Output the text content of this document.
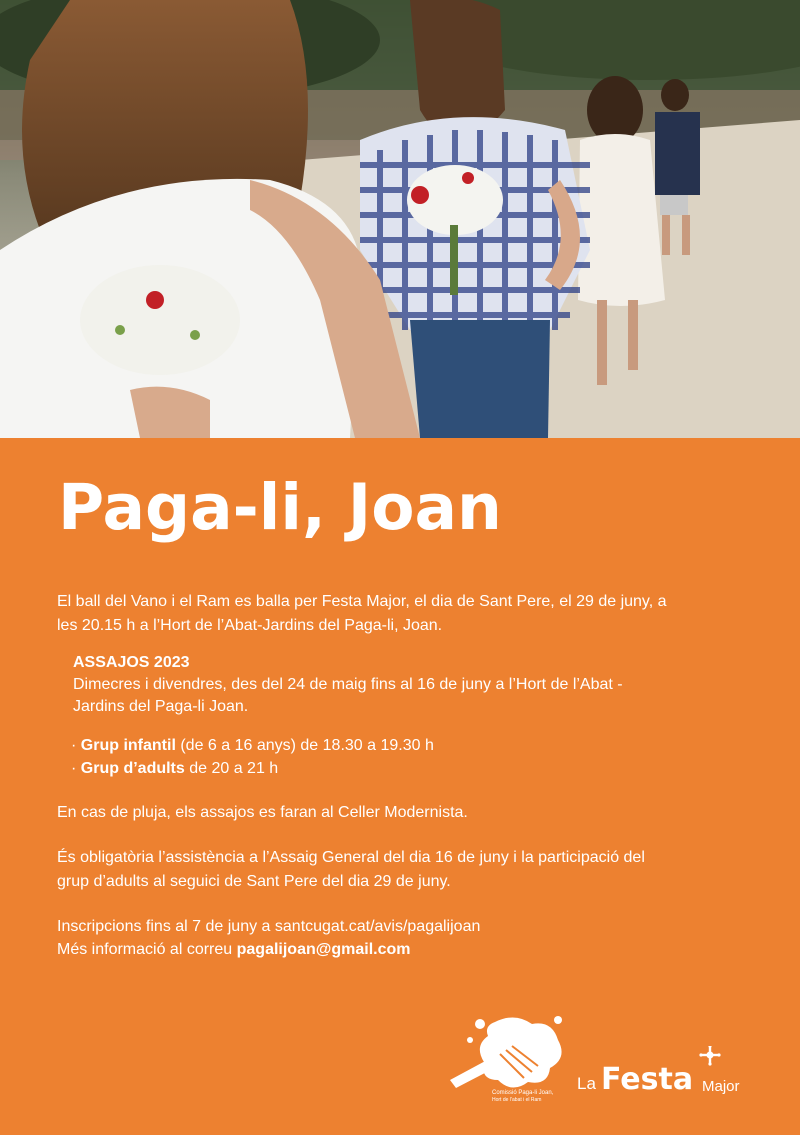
Paga-li, Joan
El ball del Vano i el Ram es balla per Festa Major, el dia de Sant Pere, el 29 de juny, a
les 20.15 h a l’Hort de l’Abat-Jardins del Paga-li, Joan.
ASSAJOS 2023
Dimecres i divendres, des del 24 de maig fins al 16 de juny a l’Hort de l’Abat -
Jardins del Paga-li Joan.
· Grup infantil (de 6 a 16 anys) de 18.30 a 19.30 h
· Grup d’adults de 20 a 21 h
En cas de pluja, els assajos es faran al Celler Modernista.
És obligatòria l’assistència a l’Assaig General del dia 16 de juny i la participació del
grup d’adults al seguici de Sant Pere del dia 29 de juny.
Inscripcions fins al 7 de juny a santcugat.cat/avis/pagalijoan
Més informació al correu pagalijoan@gmail.com
Comissió Paga-li Joan,
Hort de l’abat i el Ram
La Festa Major
